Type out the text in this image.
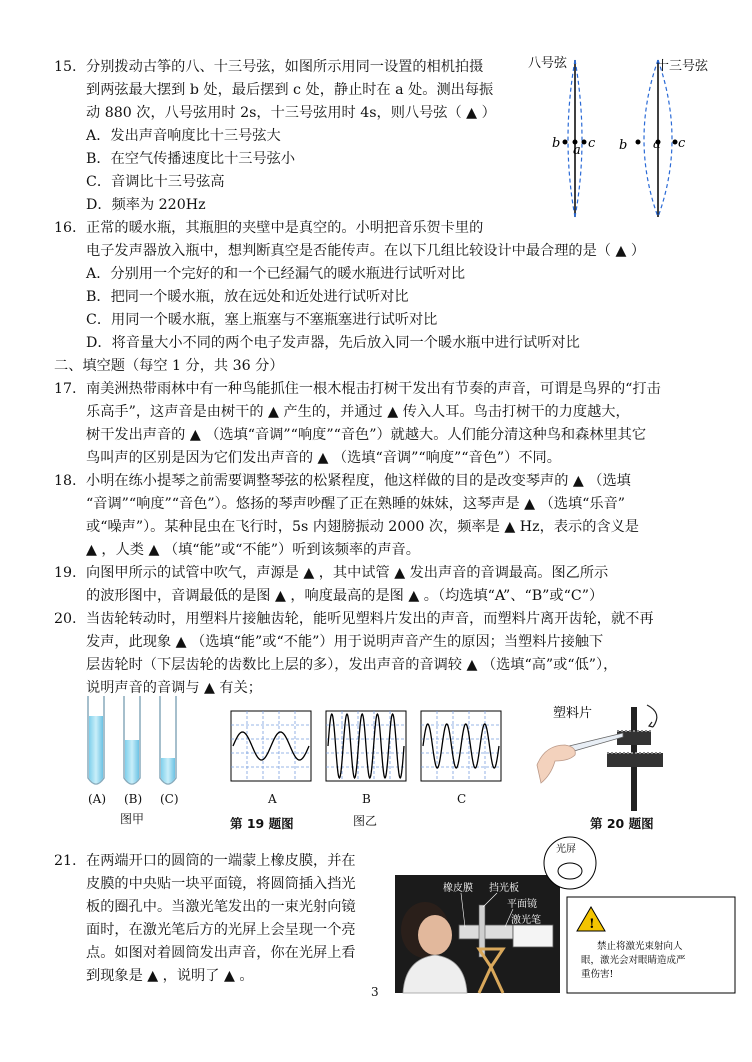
15. 分别拨动古筝的八、十三号弦，如图所示用同一设置的相机拍摄
到两弦最大摆到 b 处，最后摆到 c 处，静止时在 a 处。测出每振
动 880 次，八号弦用时 2s，十三号弦用时 4s，则八号弦（ ▲ ）
A．发出声音响度比十三号弦大
B．在空气传播速度比十三号弦小
C．音调比十三号弦高
D．频率为 220Hz
八号弦	十三号弦
b a c b a c
16. 正常的暖水瓶，其瓶胆的夹壁中是真空的。小明把音乐贺卡里的
电子发声器放入瓶中，想判断真空是否能传声。在以下几组比较设计中最合理的是（ ▲ ）
A．分别用一个完好的和一个已经漏气的暖水瓶进行试听对比
B．把同一个暖水瓶，放在远处和近处进行试听对比
C．用同一个暖水瓶，塞上瓶塞与不塞瓶塞进行试听对比
D．将音量大小不同的两个电子发声器，先后放入同一个暖水瓶中进行试听对比
二、填空题（每空 1 分，共 36 分）
17. 南美洲热带雨林中有一种鸟能抓住一根木棍击打树干发出有节奏的声音，可谓是鸟界的“打击
乐高手”，这声音是由树干的 ▲ 产生的，并通过 ▲ 传入人耳。鸟击打树干的力度越大，
树干发出声音的 ▲ （选填“音调”“响度”“音色”）就越大。人们能分清这种鸟和森林里其它
鸟叫声的区别是因为它们发出声音的 ▲ （选填“音调”“响度”“音色”）不同。
18. 小明在练小提琴之前需要调整琴弦的松紧程度，他这样做的目的是改变琴声的 ▲ （选填
“音调”“响度”“音色”）。悠扬的琴声吵醒了正在熟睡的妹妹，这琴声是 ▲ （选填“乐音”
或“噪声”）。某种昆虫在飞行时，5s 内翅膀振动 2000 次，频率是 ▲ Hz，表示的含义是
▲ ，人类 ▲ （填“能”或“不能”）听到该频率的声音。
19. 向图甲所示的试管中吹气，声源是 ▲ ，其中试管 ▲ 发出声音的音调最高。图乙所示
的波形图中，音调最低的是图 ▲ ，响度最高的是图 ▲ 。（均选填“A”、“B”或“C”）
20. 当齿轮转动时，用塑料片接触齿轮，能听见塑料片发出的声音，而塑料片离开齿轮，就不再
发声，此现象 ▲ （选填“能”或“不能”）用于说明声音产生的原因；当塑料片接触下
层齿轮时（下层齿轮的齿数比上层的多），发出声音的音调较 ▲ （选填“高”或“低”），
说明声音的音调与 ▲ 有关；
(A) (B) (C)
图甲	第 19 题图
A	B	C
图乙
塑料片
第 20 题图
21. 在两端开口的圆筒的一端蒙上橡皮膜，并在
皮膜的中央贴一块平面镜，将圆筒插入挡光
板的圈孔中。当激光笔发出的一束光射向镜
面时，在激光笔后方的光屏上会呈现一个亮
点。如图对着圆筒发出声音，你在光屏上看
到现象是 ▲ ，说明了 ▲ 。
光屏
橡皮膜 挡光板
平面镜
激光笔	!
禁止将激光束射向人
眼，激光会对眼睛造成严
重伤害!
3
